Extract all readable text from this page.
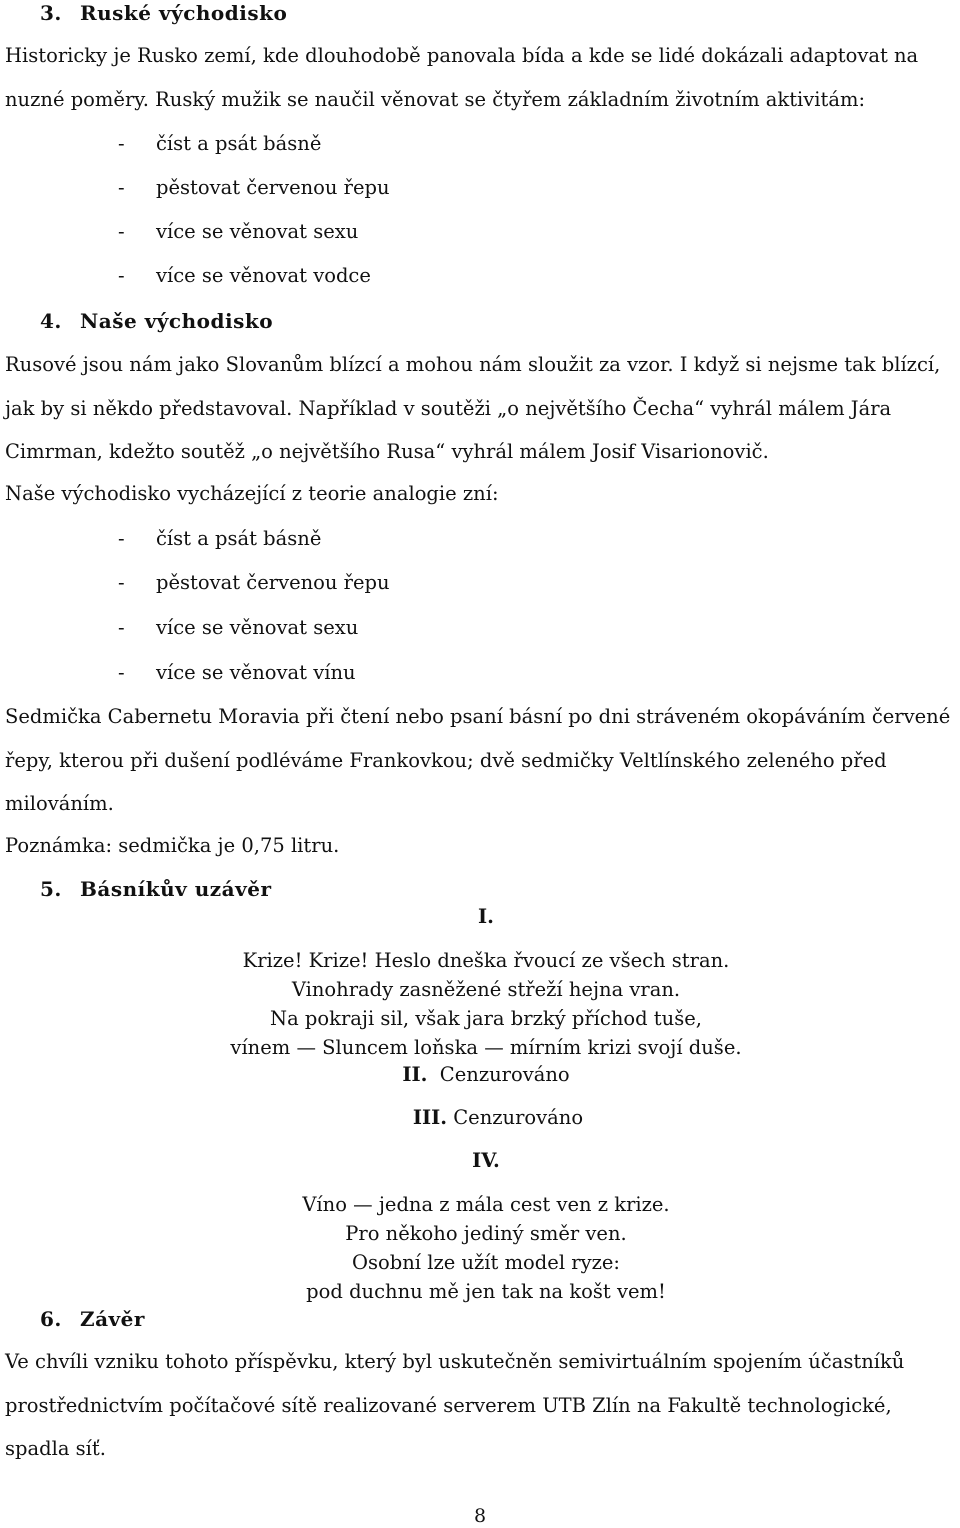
3. Ruské východisko
Historicky je Rusko zemí, kde dlouhodobě panovala bída a kde se lidé dokázali adaptovat na nuzné poměry. Ruský mužik se naučil věnovat se čtyřem základním životním aktivitám:
- číst a psát básně
- pěstovat červenou řepu
- více se věnovat sexu
- více se věnovat vodce
4. Naše východisko
Rusové jsou nám jako Slovanům blízcí a mohou nám sloužit za vzor. I když si nejsme tak blízcí, jak by si někdo představoval. Například v soutěži „o největšího Čecha“ vyhrál málem Jára Cimrman, kdežto soutěž „o největšího Rusa“ vyhrál málem Josif Visarionovič.
Naše východisko vycházející z teorie analogie zní:
- číst a psát básně
- pěstovat červenou řepu
- více se věnovat sexu
- více se věnovat vínu
Sedmička Cabernetu Moravia při čtení nebo psaní básní po dni stráveném okopáváním červené řepy, kterou při dušení podléváme Frankovkou; dvě sedmičky Veltlínského zeleného před milováním.
Poznámka: sedmička je 0,75 litru.
5. Básníkův uzávěr
I.
Krize! Krize! Heslo dneška řvoucí ze všech stran.
Vinohrady zasněžené střeží hejna vran.
Na pokraji sil, však jara brzký příchod tuše,
vínem — Sluncem loňska — mírním krizi svojí duše.
II. Cenzurováno
III. Cenzurováno
IV.
Víno — jedna z mála cest ven z krize.
Pro někoho jediný směr ven.
Osobní lze užít model ryze:
pod duchnu mě jen tak na košt vem!
6. Závěr
Ve chvíli vzniku tohoto příspěvku, který byl uskutečněn semivirtuálním spojením účastníků prostřednictvím počítačové sítě realizované serverem UTB Zlín na Fakultě technologické, spadla síť.
8
